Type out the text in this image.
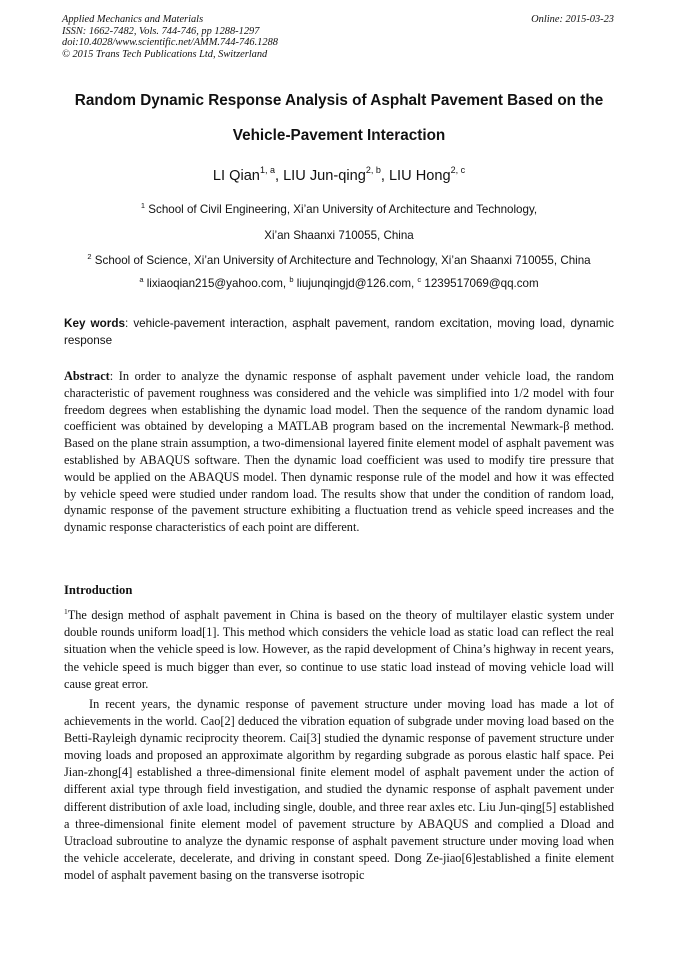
Applied Mechanics and Materials
ISSN: 1662-7482, Vols. 744-746, pp 1288-1297
doi:10.4028/www.scientific.net/AMM.744-746.1288
© 2015 Trans Tech Publications Ltd, Switzerland
Online: 2015-03-23
Random Dynamic Response Analysis of Asphalt Pavement Based on the
Vehicle-Pavement Interaction
LI Qian$^{1, a}$, LIU Jun-qing$^{2, b}$, LIU Hong$^{2, c}$
$^1$ School of Civil Engineering, Xi’an University of Architecture and Technology,
Xi’an Shaanxi 710055, China
$^2$ School of Science, Xi’an University of Architecture and Technology, Xi’an Shaanxi 710055, China
$^a$ lixiaoqian215@yahoo.com, $^b$ liujunqingjd@126.com, $^c$ 1239517069@qq.com
Key words: vehicle-pavement interaction, asphalt pavement, random excitation, moving load, dynamic response
Abstract: In order to analyze the dynamic response of asphalt pavement under vehicle load, the random characteristic of pavement roughness was considered and the vehicle was simplified into 1/2 model with four freedom degrees when establishing the dynamic load model. Then the sequence of the random dynamic load coefficient was obtained by developing a MATLAB program based on the incremental Newmark-β method. Based on the plane strain assumption, a two-dimensional layered finite element model of asphalt pavement was established by ABAQUS software. Then the dynamic load coefficient was used to modify tire pressure that would be applied on the ABAQUS model. Then dynamic response rule of the model and how it was effected by vehicle speed were studied under random load. The results show that under the condition of random load, dynamic response of the pavement structure exhibiting a fluctuation trend as vehicle speed increases and the dynamic response characteristics of each point are different.
Introduction
$^1$The design method of asphalt pavement in China is based on the theory of multilayer elastic system under double rounds uniform load[1]. This method which considers the vehicle load as static load can reflect the real situation when the vehicle speed is low. However, as the rapid development of China’s highway in recent years, the vehicle speed is much bigger than ever, so continue to use static load instead of moving vehicle load will cause great error.
In recent years, the dynamic response of pavement structure under moving load has made a lot of achievements in the world. Cao[2] deduced the vibration equation of subgrade under moving load based on the Betti-Rayleigh dynamic reciprocity theorem. Cai[3] studied the dynamic response of pavement structure under moving loads and proposed an approximate algorithm by regarding subgrade as porous elastic half space. Pei Jian-zhong[4] established a three-dimensional finite element model of asphalt pavement under the action of different axial type through field investigation, and studied the dynamic response of asphalt pavement under different distribution of axle load, including single, double, and three rear axles etc. Liu Jun-qing[5] established a three-dimensional finite element model of pavement structure by ABAQUS and complied a Dload and Utracload subroutine to analyze the dynamic response of asphalt pavement structure under moving load when the vehicle accelerate, decelerate, and driving in constant speed. Dong Ze-jiao[6]established a finite element model of asphalt pavement basing on the transverse isotropic
